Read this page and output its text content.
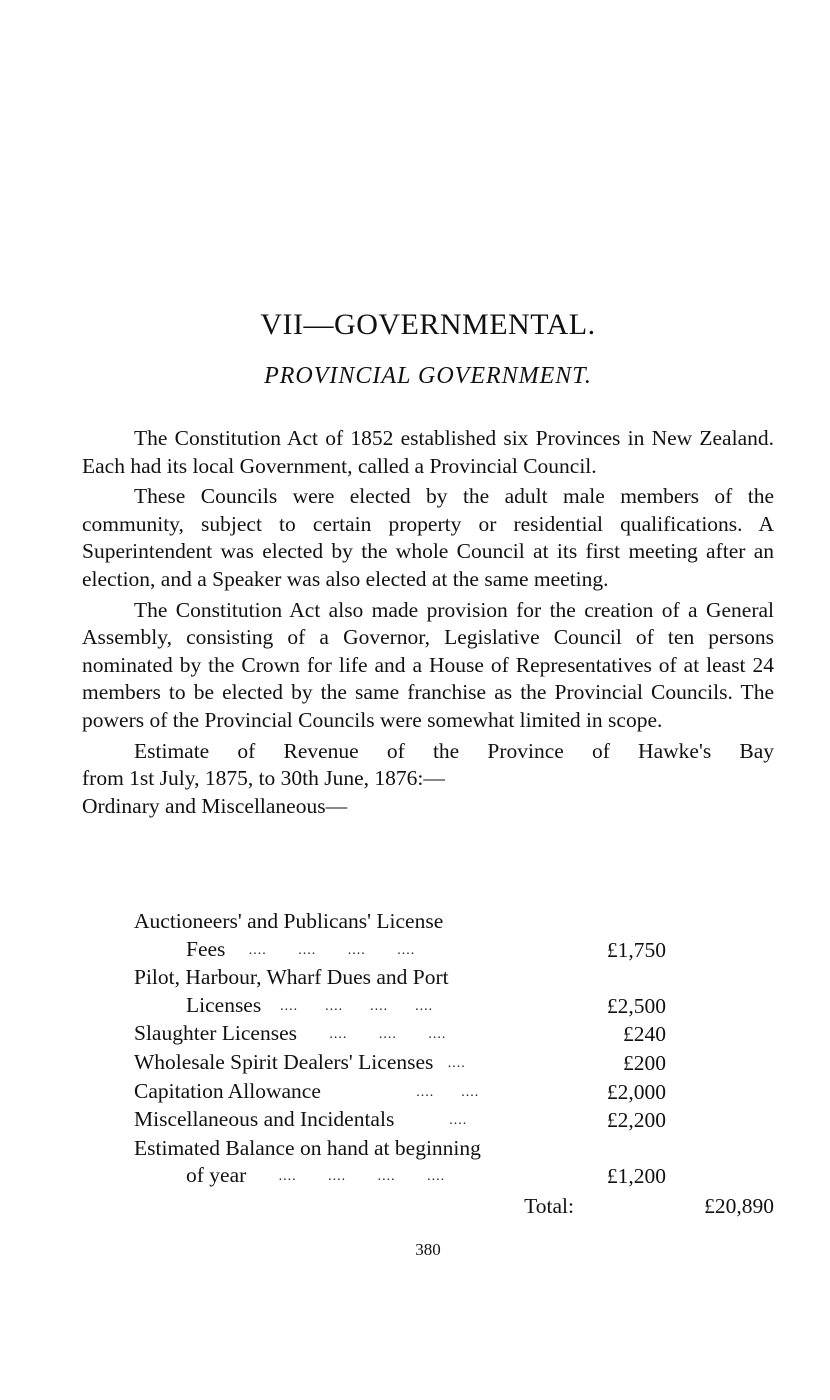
VII—GOVERNMENTAL.
PROVINCIAL GOVERNMENT.

The Constitution Act of 1852 established six Provinces in New Zealand. Each had its local Government, called a Provincial Council.

These Councils were elected by the adult male members of the community, subject to certain property or residential qualifications. A Superintendent was elected by the whole Council at its first meeting after an election, and a Speaker was also elected at the same meeting.

The Constitution Act also made provision for the creation of a General Assembly, consisting of a Governor, Legislative Council of ten persons nominated by the Crown for life and a House of Representatives of at least 24 members to be elected by the same franchise as the Provincial Councils. The powers of the Provincial Councils were somewhat limited in scope.

Estimate of Revenue of the Province of Hawke's Bay
from 1st July, 1875, to 30th June, 1876:—
Ordinary and Miscellaneous—
Auctioneers' and Publicans' License
Fees     ....       ....       ....       ....	£1,750
Pilot, Harbour, Wharf Dues and Port
Licenses    ....      ....      ....      ....	£2,500
Slaughter Licenses       ....       ....       ....	£240
Wholesale Spirit Dealers' Licenses   ....	£200
Capitation Allowance                     ....      ....	£2,000
Miscellaneous and Incidentals            ....	£2,200
Estimated Balance on hand at beginning
of year       ....       ....       ....       ....	£1,200
Total:	£20,890
380
